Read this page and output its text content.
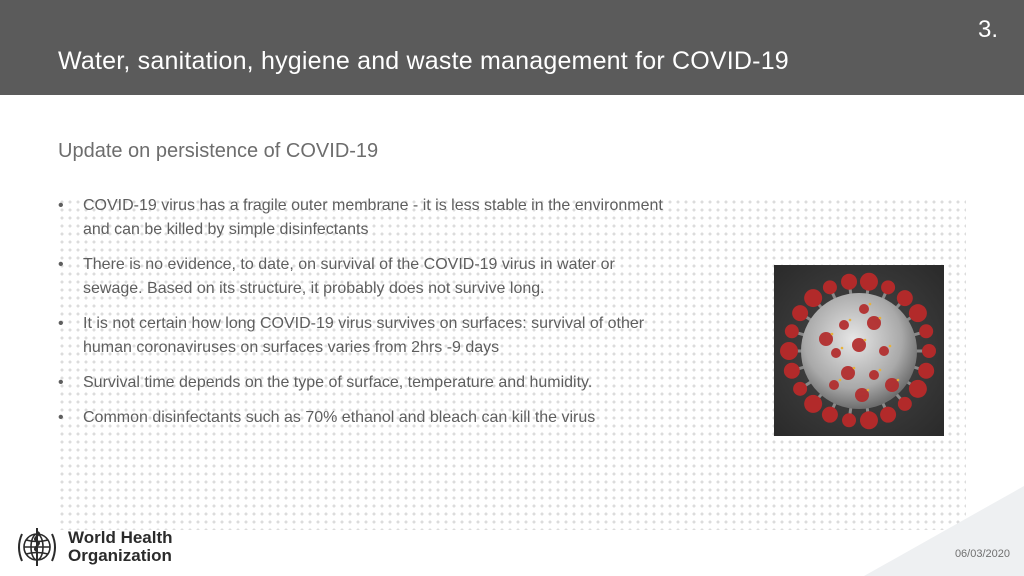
3.
Water, sanitation, hygiene and waste management for COVID-19
Update on persistence of COVID-19
• COVID-19 virus has a fragile outer membrane - it is less stable in the environment
and can be killed by simple disinfectants
• There is no evidence, to date, on survival of the COVID-19 virus in water or
sewage. Based on its structure, it probably does not survive long.
• It is not certain how long COVID-19 virus survives on surfaces: survival of other
human coronaviruses on surfaces varies from 2hrs -9 days
• Survival time depends on the type of surface, temperature and humidity.
• Common disinfectants such as 70% ethanol and bleach can kill the virus
06/03/2020
World Health
Organization
